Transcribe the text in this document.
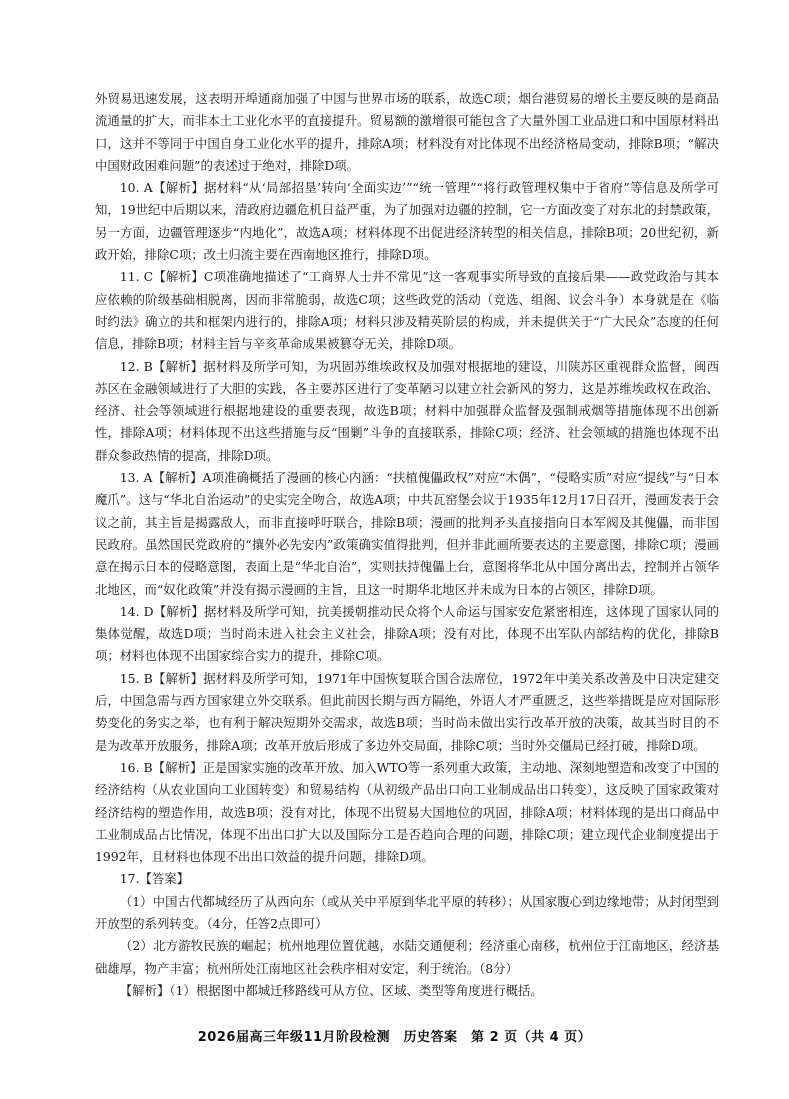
外贸易迅速发展，这表明开埠通商加强了中国与世界市场的联系，故选C项；烟台港贸易的增长主要反映的是商品流通量的扩大，而非本土工业化水平的直接提升。贸易额的激增很可能包含了大量外国工业品进口和中国原材料出口，这并不等同于中国自身工业化水平的提升，排除A项；材料没有对比体现不出经济格局变动，排除B项；“解决中国财政困难问题”的表述过于绝对，排除D项。

10. A【解析】据材料“从‘局部招垦’转向‘全面实边’”“统一管理”“将行政管理权集中于省府”等信息及所学可知，19世纪中后期以来，清政府边疆危机日益严重，为了加强对边疆的控制，它一方面改变了对东北的封禁政策，另一方面，边疆管理逐步“内地化”，故选A项；材料体现不出促进经济转型的相关信息，排除B项；20世纪初，新政开始，排除C项；改土归流主要在西南地区推行，排除D项。

11. C【解析】C项准确地描述了“工商界人士并不常见”这一客观事实所导致的直接后果——政党政治与其本应依赖的阶级基础相脱离，因而非常脆弱，故选C项；这些政党的活动（竞选、组阁、议会斗争）本身就是在《临时约法》确立的共和框架内进行的，排除A项；材料只涉及精英阶层的构成，并未提供关于“广大民众”态度的任何信息，排除B项；材料主旨与辛亥革命成果被篡夺无关，排除D项。

12. B【解析】据材料及所学可知，为巩固苏维埃政权及加强对根据地的建设，川陕苏区重视群众监督，闽西苏区在金融领域进行了大胆的实践，各主要苏区进行了变革陋习以建立社会新风的努力，这是苏维埃政权在政治、经济、社会等领域进行根据地建设的重要表现，故选B项；材料中加强群众监督及强制戒烟等措施体现不出创新性，排除A项；材料体现不出这些措施与反“围剿”斗争的直接联系，排除C项；经济、社会领域的措施也体现不出群众参政热情的提高，排除D项。

13. A【解析】A项准确概括了漫画的核心内涵：“扶植傀儡政权”对应“木偶”，“侵略实质”对应“提线”与“日本魔爪”。这与“华北自治运动”的史实完全吻合，故选A项；中共瓦窑堡会议于1935年12月17日召开，漫画发表于会议之前，其主旨是揭露敌人，而非直接呼吁联合，排除B项；漫画的批判矛头直接指向日本军阀及其傀儡，而非国民政府。虽然国民党政府的“攘外必先安内”政策确实值得批判，但并非此画所要表达的主要意图，排除C项；漫画意在揭示日本的侵略意图，表面上是“华北自治”，实则扶持傀儡上台，意图将华北从中国分离出去，控制并占领华北地区，而“奴化政策”并没有揭示漫画的主旨，且这一时期华北地区并未成为日本的占领区，排除D项。

14. D【解析】据材料及所学可知，抗美援朝推动民众将个人命运与国家安危紧密相连，这体现了国家认同的集体觉醒，故选D项；当时尚未进入社会主义社会，排除A项；没有对比，体现不出军队内部结构的优化，排除B项；材料也体现不出国家综合实力的提升，排除C项。

15. B【解析】据材料及所学可知，1971年中国恢复联合国合法席位，1972年中美关系改善及中日决定建交后，中国急需与西方国家建立外交联系。但此前因长期与西方隔绝，外语人才严重匮乏，这些举措既是应对国际形势变化的务实之举，也有利于解决短期外交需求，故选B项；当时尚未做出实行改革开放的决策，故其当时目的不是为改革开放服务，排除A项；改革开放后形成了多边外交局面，排除C项；当时外交僵局已经打破，排除D项。

16. B【解析】正是国家实施的改革开放、加入WTO等一系列重大政策，主动地、深刻地塑造和改变了中国的经济结构（从农业国向工业国转变）和贸易结构（从初级产品出口向工业制成品出口转变），这反映了国家政策对经济结构的塑造作用，故选B项；没有对比，体现不出贸易大国地位的巩固，排除A项；材料体现的是出口商品中工业制成品占比情况，体现不出出口扩大以及国际分工是否趋向合理的问题，排除C项；建立现代企业制度提出于1992年，且材料也体现不出出口效益的提升问题，排除D项。

17.【答案】

（1）中国古代都城经历了从西向东（或从关中平原到华北平原的转移）；从国家腹心到边缘地带；从封闭型到开放型的系列转变。（4分，任答2点即可）

（2）北方游牧民族的崛起；杭州地理位置优越，水陆交通便利；经济重心南移，杭州位于江南地区，经济基础雄厚，物产丰富；杭州所处江南地区社会秩序相对安定，利于统治。（8分）

【解析】（1）根据图中都城迁移路线可从方位、区域、类型等角度进行概括。

2026届高三年级11月阶段检测　历史答案　第 2 页（共 4 页）
